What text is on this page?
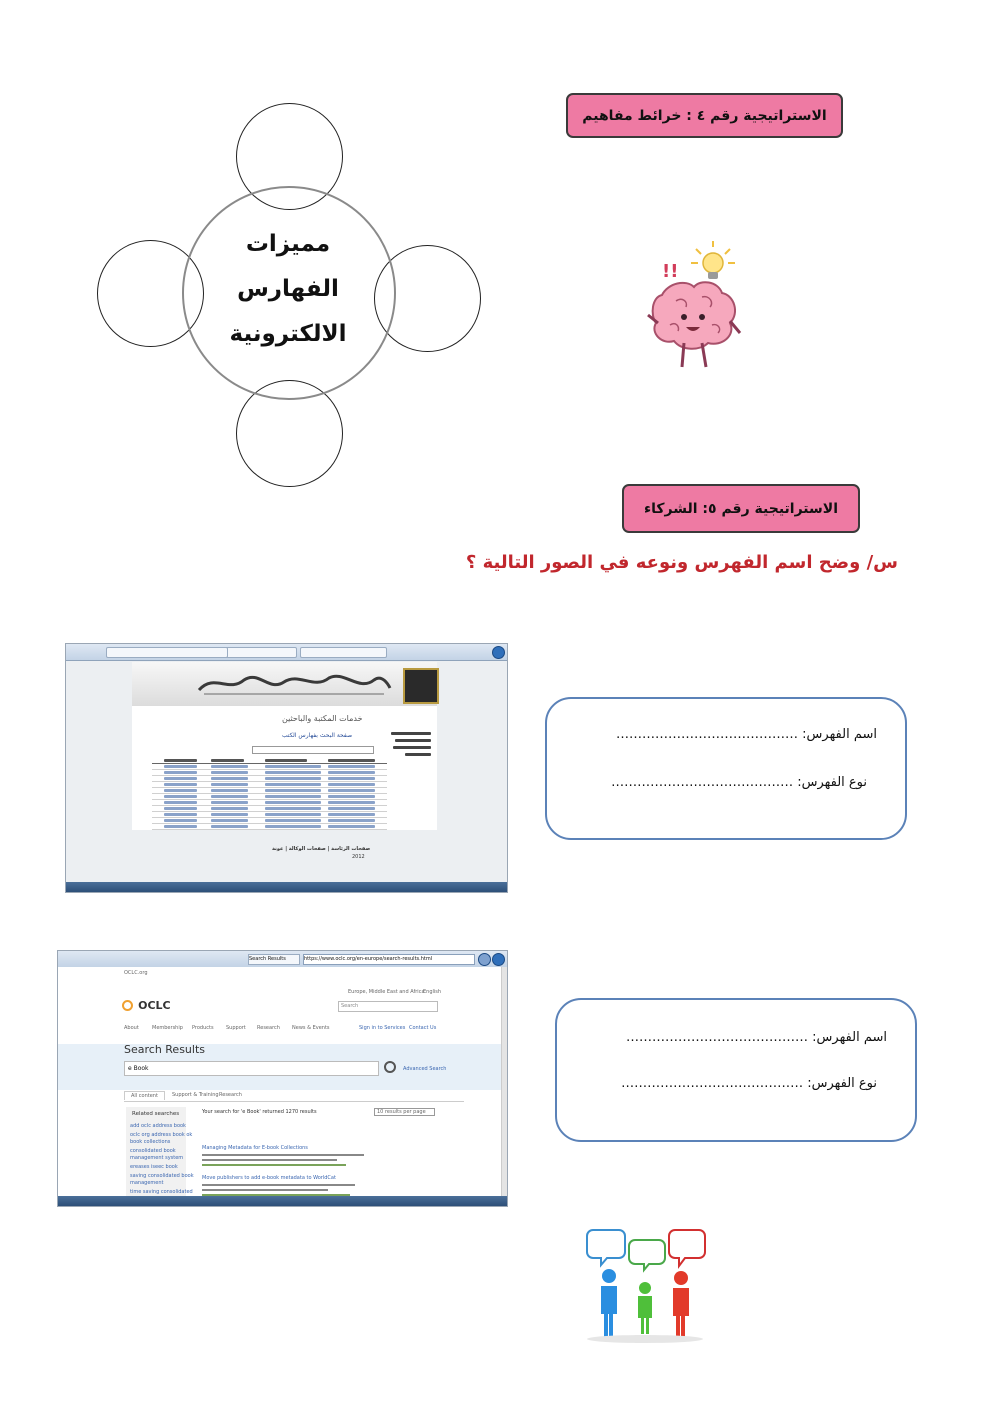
الاستراتيجية رقم ٤ : خرائط مفاهيم
مميزات
الفهارس
الالكترونية
!!
الاستراتيجية رقم ٥: الشركاء
س/ وضح اسم الفهرس ونوعه في الصور التالية ؟
خدمات المكتبة والباحثين
صفحة البحث بفهارس الكتب
صفحات الرئاسة | صفحات الوكالة | عونة
2012
اسم الفهرس: ……………………………………
نوع الفهرس: ……………………………………
https://www.oclc.org/en-europe/search-results.html
Search Results
OCLC.org
OCLC
Europe, Middle East and Africa
English
Search
About	Membership Products Support Research News & Events	Sign in to Services Contact Us
Search Results
e Book	Advanced Search
All content	Support & Training Research
Related searches
add oclc address book
oclc org address book ok
book collections
consolidated book
management system
ereases iseec book
saving consolidated book
management
time saving consolidated
Your search for 'e Book' returned 1270 results	10 results per page
Managing Metadata for E-book Collections
Move publishers to add e-book metadata to WorldCat
اسم الفهرس: ……………………………………
نوع الفهرس: ……………………………………
